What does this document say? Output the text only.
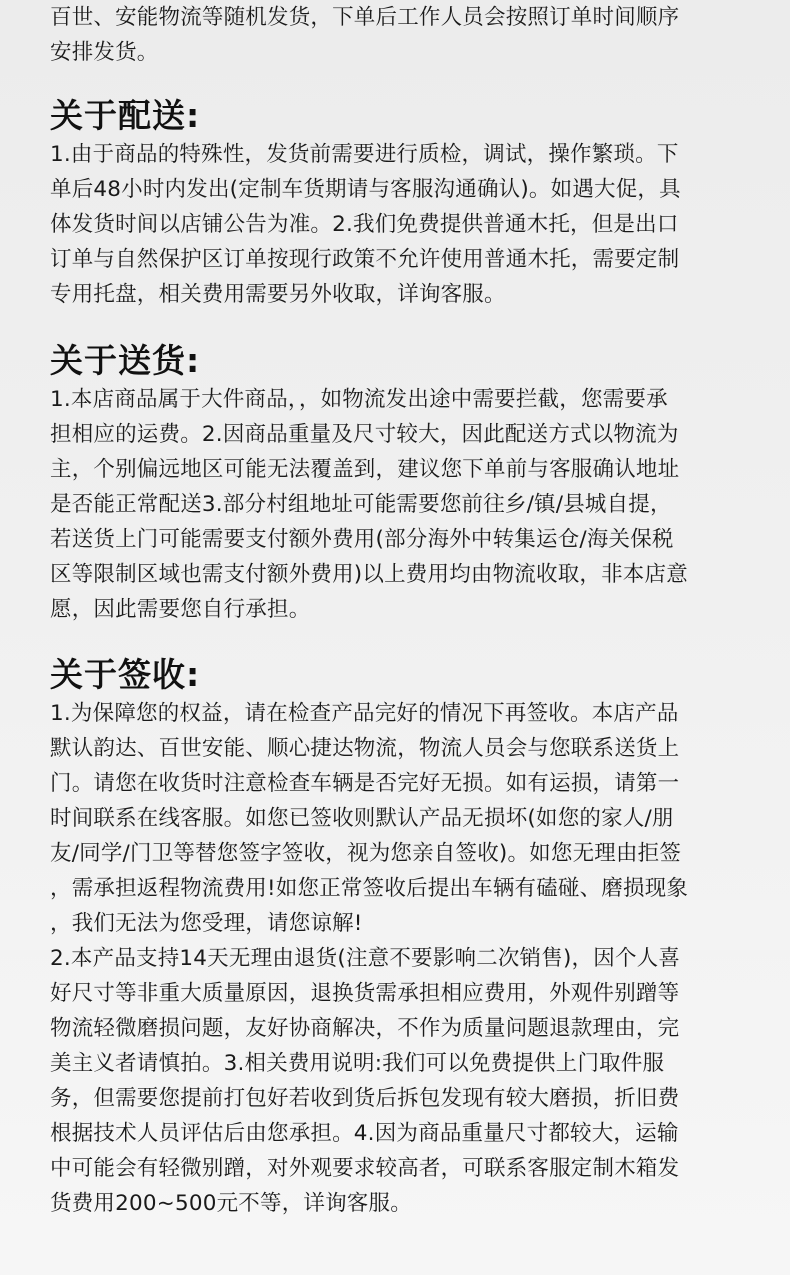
百世、安能物流等随机发货，下单后工作人员会按照订单时间顺序
安排发货。
关于配送:
1.由于商品的特殊性，发货前需要进行质检，调试，操作繁琐。下
单后48小时内发出(定制车货期请与客服沟通确认)。如遇大促，具
体发货时间以店铺公告为准。2.我们免费提供普通木托，但是出口
订单与自然保护区订单按现行政策不允许使用普通木托，需要定制
专用托盘，相关费用需要另外收取，详询客服。
关于送货:
1.本店商品属于大件商品，，如物流发出途中需要拦截，您需要承
担相应的运费。2.因商品重量及尺寸较大，因此配送方式以物流为
主，个别偏远地区可能无法覆盖到，建议您下单前与客服确认地址
是否能正常配送3.部分村组地址可能需要您前往乡/镇/县城自提，
若送货上门可能需要支付额外费用(部分海外中转集运仓/海关保税
区等限制区域也需支付额外费用)以上费用均由物流收取，非本店意
愿，因此需要您自行承担。
关于签收:
1.为保障您的权益，请在检查产品完好的情况下再签收。本店产品
默认韵达、百世安能、顺心捷达物流，物流人员会与您联系送货上
门。请您在收货时注意检查车辆是否完好无损。如有运损，请第一
时间联系在线客服。如您已签收则默认产品无损坏(如您的家人/朋
友/同学/门卫等替您签字签收，视为您亲自签收)。如您无理由拒签
，需承担返程物流费用!如您正常签收后提出车辆有磕碰、磨损现象
，我们无法为您受理，请您谅解!
2.本产品支持14天无理由退货(注意不要影响二次销售)，因个人喜
好尺寸等非重大质量原因，退换货需承担相应费用，外观件别蹭等
物流轻微磨损问题，友好协商解决，不作为质量问题退款理由，完
美主义者请慎拍。3.相关费用说明:我们可以免费提供上门取件服
务，但需要您提前打包好若收到货后拆包发现有较大磨损，折旧费
根据技术人员评估后由您承担。4.因为商品重量尺寸都较大，运输
中可能会有轻微别蹭，对外观要求较高者，可联系客服定制木箱发
货费用200~500元不等，详询客服。
